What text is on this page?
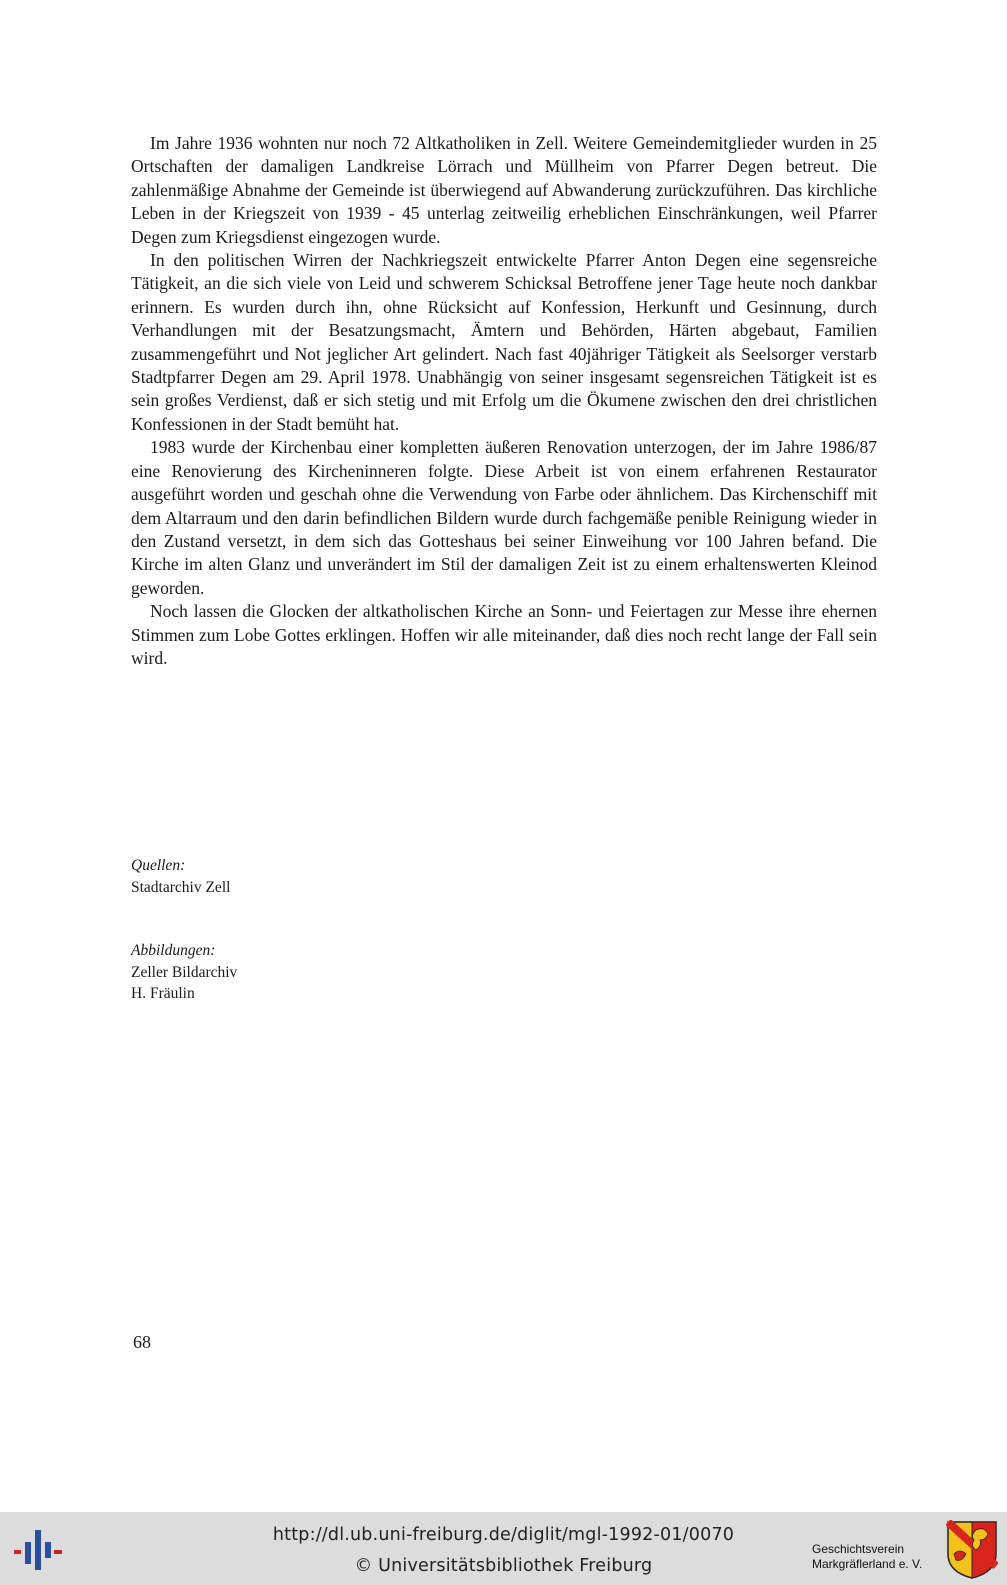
Im Jahre 1936 wohnten nur noch 72 Altkatholiken in Zell. Weitere Gemeindemitglieder wurden in 25 Ortschaften der damaligen Landkreise Lörrach und Müllheim von Pfarrer Degen betreut. Die zahlenmäßige Abnahme der Gemeinde ist überwiegend auf Abwanderung zurückzuführen. Das kirchliche Leben in der Kriegszeit von 1939 - 45 unterlag zeitweilig erheblichen Einschränkungen, weil Pfarrer Degen zum Kriegsdienst eingezogen wurde.

In den politischen Wirren der Nachkriegszeit entwickelte Pfarrer Anton Degen eine segensreiche Tätigkeit, an die sich viele von Leid und schwerem Schicksal Betroffene jener Tage heute noch dankbar erinnern. Es wurden durch ihn, ohne Rücksicht auf Konfession, Herkunft und Gesinnung, durch Verhandlungen mit der Besatzungsmacht, Ämtern und Behörden, Härten abgebaut, Familien zusammengeführt und Not jeglicher Art gelindert. Nach fast 40jähriger Tätigkeit als Seelsorger verstarb Stadtpfarrer Degen am 29. April 1978. Unabhängig von seiner insgesamt segensreichen Tätigkeit ist es sein großes Verdienst, daß er sich stetig und mit Erfolg um die Ökumene zwischen den drei christlichen Konfessionen in der Stadt bemüht hat.

1983 wurde der Kirchenbau einer kompletten äußeren Renovation unterzogen, der im Jahre 1986/87 eine Renovierung des Kircheninneren folgte. Diese Arbeit ist von einem erfahrenen Restaurator ausgeführt worden und geschah ohne die Verwendung von Farbe oder ähnlichem. Das Kirchenschiff mit dem Altarraum und den darin befindlichen Bildern wurde durch fachgemäße penible Reinigung wieder in den Zustand versetzt, in dem sich das Gotteshaus bei seiner Einweihung vor 100 Jahren befand. Die Kirche im alten Glanz und unverändert im Stil der damaligen Zeit ist zu einem erhaltenswerten Kleinod geworden.

Noch lassen die Glocken der altkatholischen Kirche an Sonn- und Feiertagen zur Messe ihre ehernen Stimmen zum Lobe Gottes erklingen. Hoffen wir alle miteinander, daß dies noch recht lange der Fall sein wird.

Quellen:
Stadtarchiv Zell
Abbildungen:
Zeller Bildarchiv
H. Fräulin
68
http://dl.ub.uni-freiburg.de/diglit/mgl-1992-01/0070
© Universitätsbibliothek Freiburg
Geschichtsverein
Markgräflerland e. V.
